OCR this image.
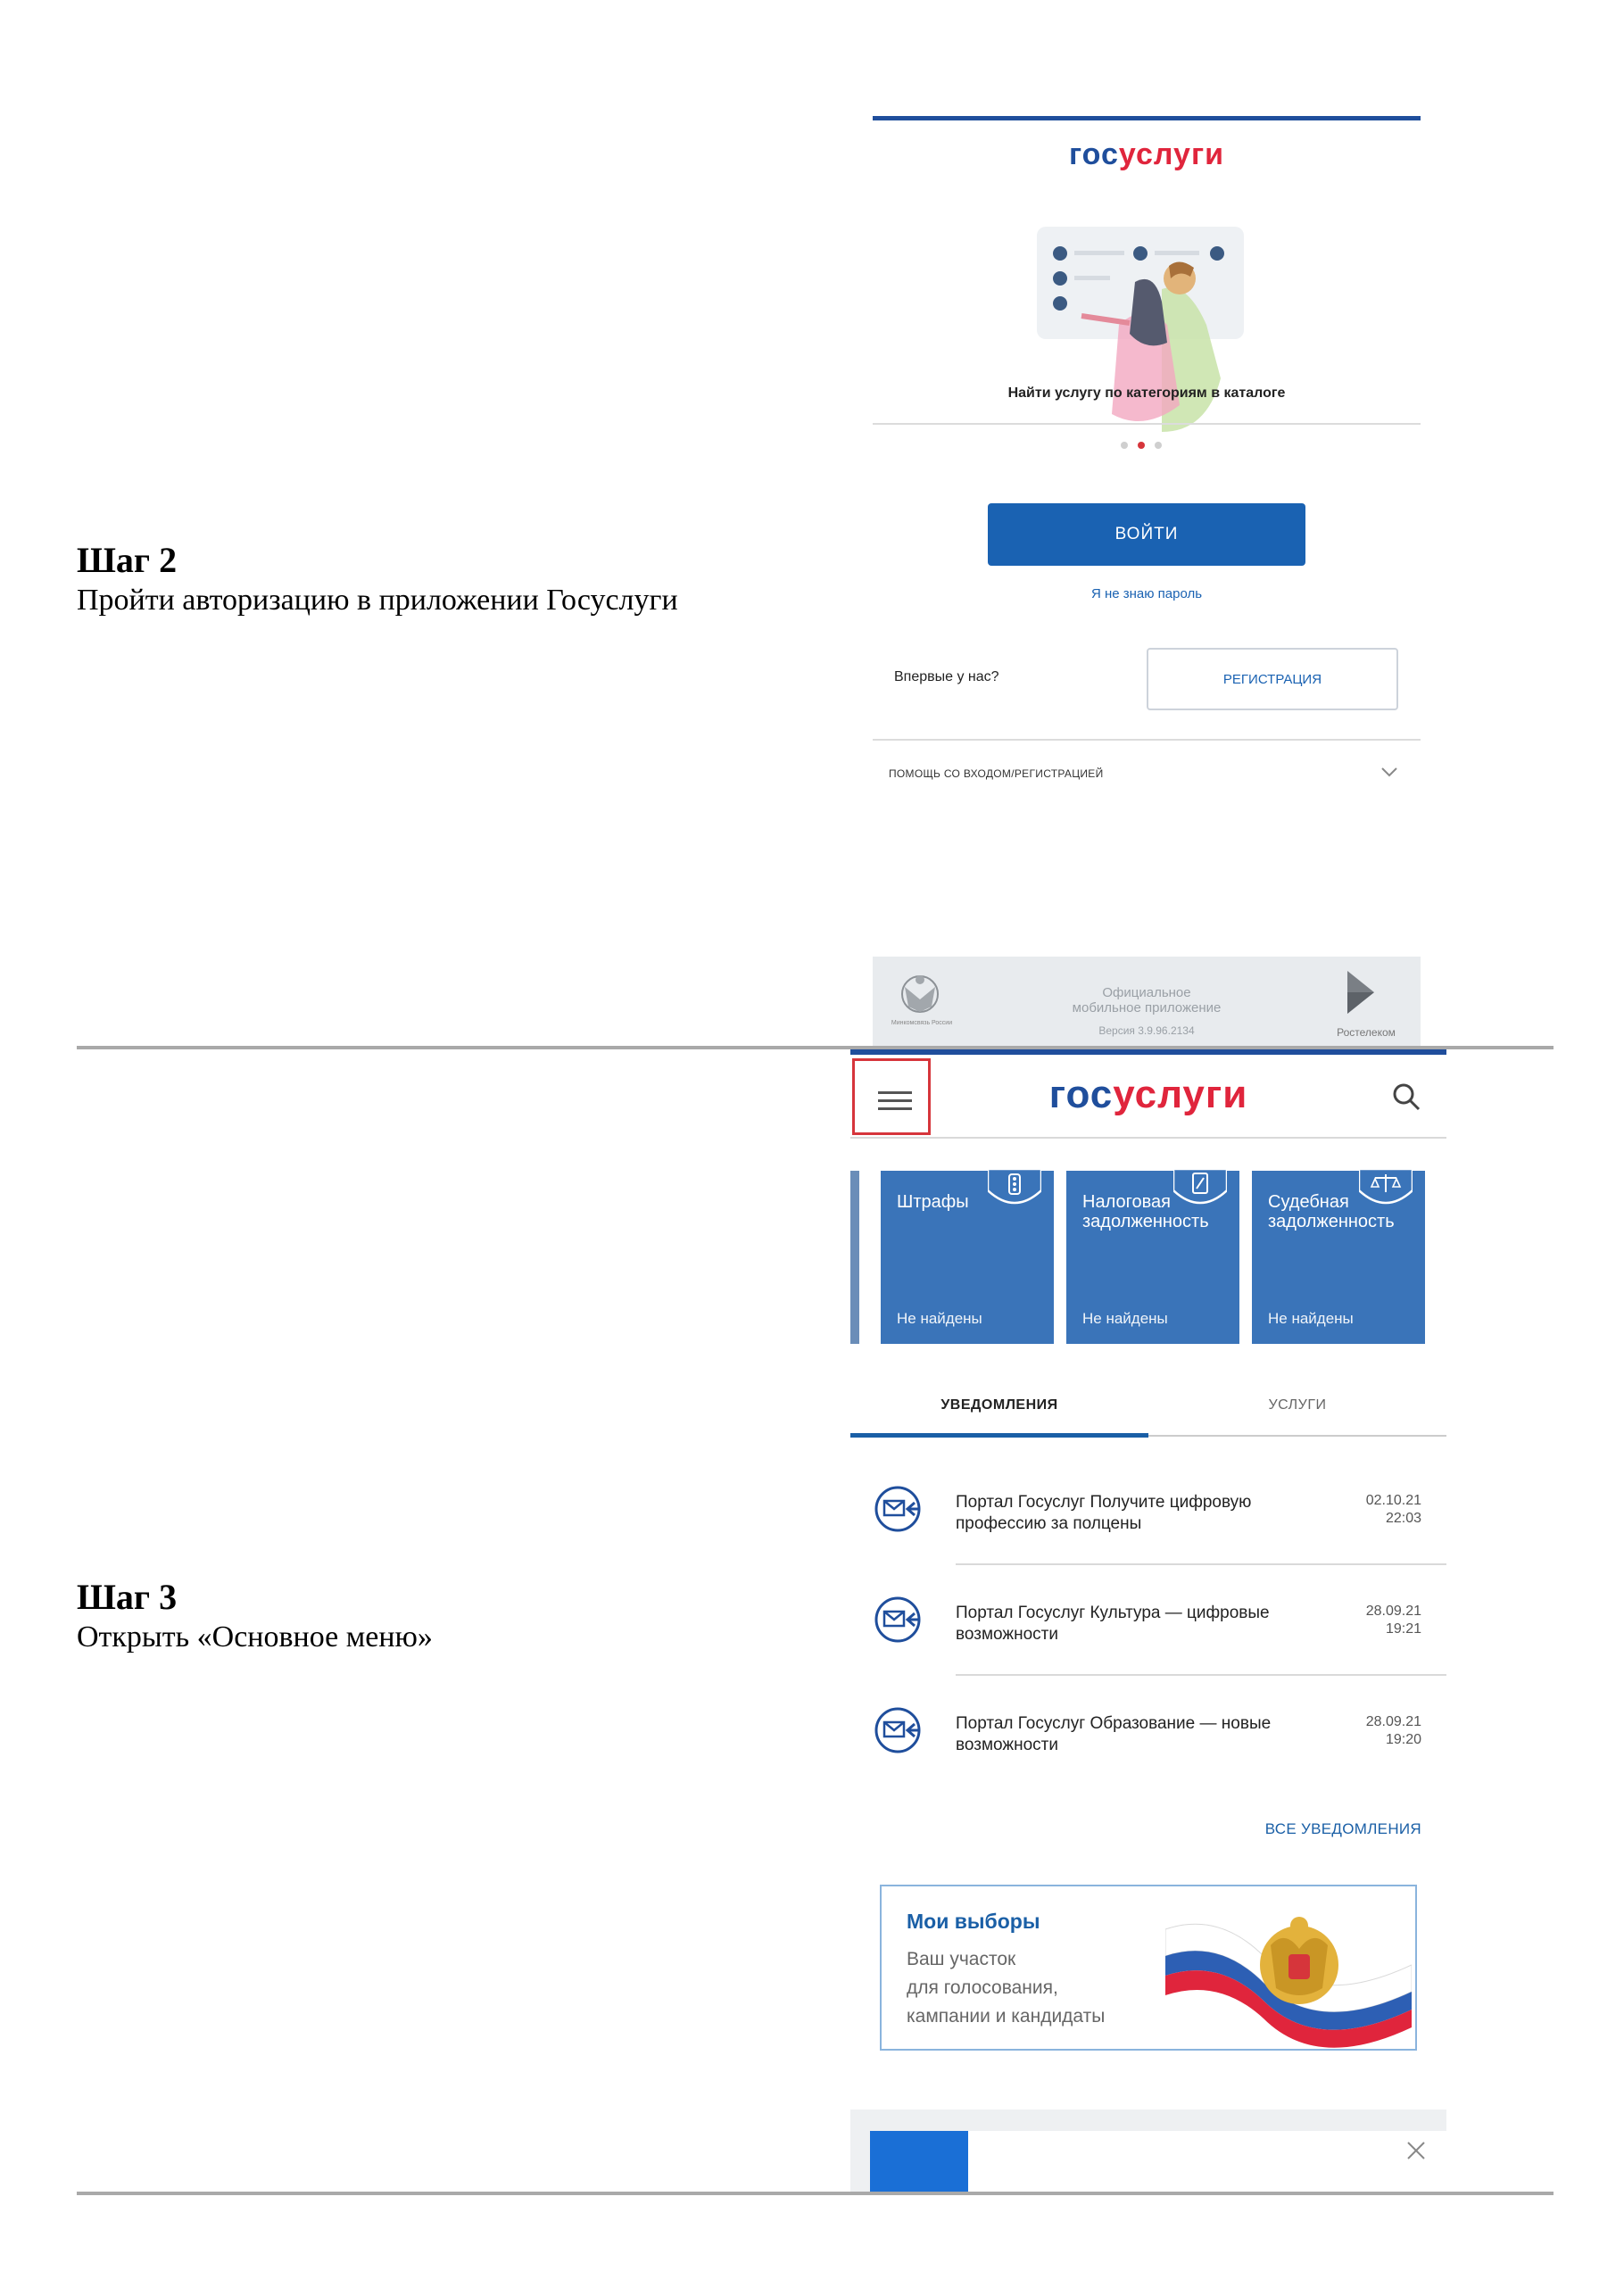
Шаг 2
Пройти авторизацию в приложении Госуслуги
госуслуги
Найти услугу по категориям в каталоге
ВОЙТИ
Я не знаю пароль
Впервые у нас?	РЕГИСТРАЦИЯ
ПОМОЩЬ СО ВХОДОМ/РЕГИСТРАЦИЕЙ
Минкомсвязь России
Официальное
мобильное приложение
Версия 3.9.96.2134	Ростелеком
Шаг 3
Открыть «Основное меню»
госуслуги
Штрафы
Не найдены
Налоговая задолженность
Не найдены
Судебная задолженность
Не найдены
УВЕДОМЛЕНИЯ	УСЛУГИ
Портал Госуслуг Получите цифровую профессию за полцены
02.10.21
22:03
Портал Госуслуг Культура — цифровые возможности
28.09.21
19:21
Портал Госуслуг Образование — новые возможности
28.09.21
19:20
ВСЕ УВЕДОМЛЕНИЯ
Мои выборы
Ваш участок
для голосования,
кампании и кандидаты
